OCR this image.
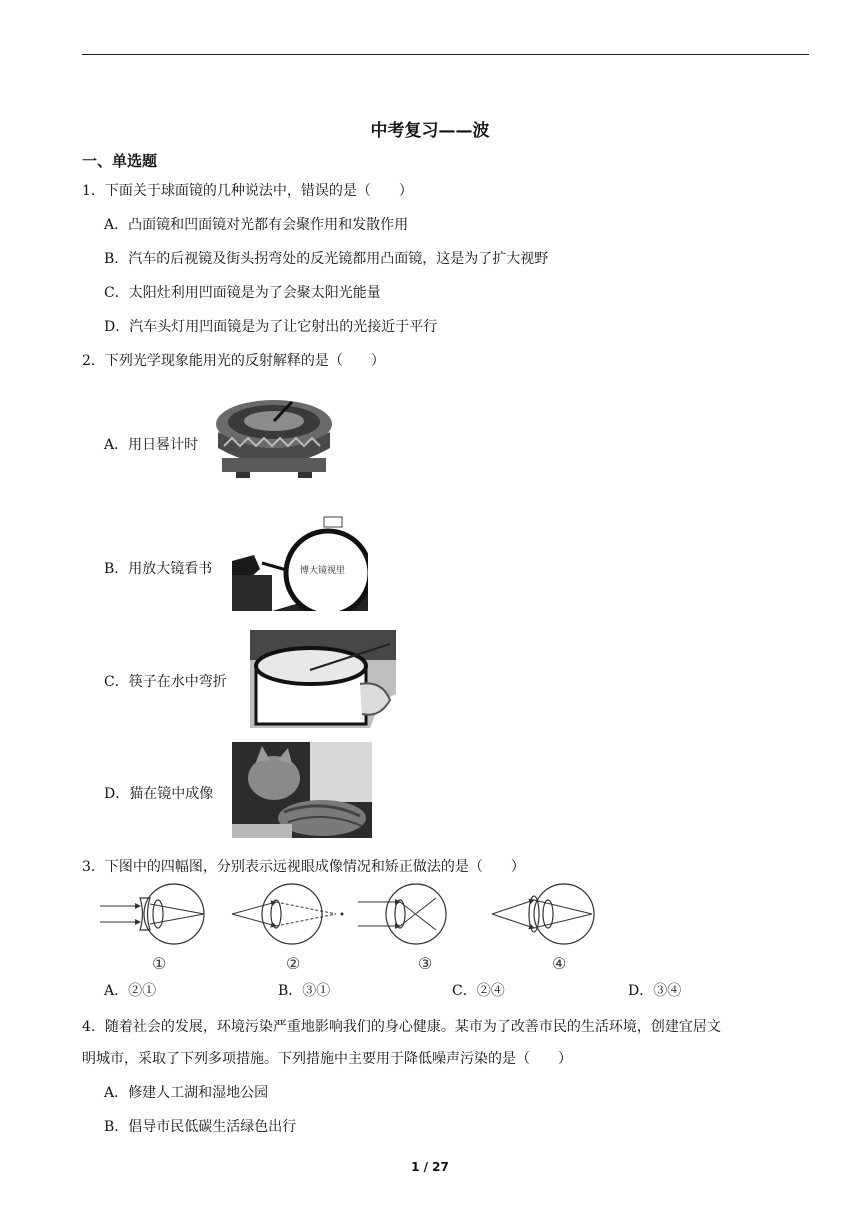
中考复习——波
一、单选题
1．下面关于球面镜的几种说法中，错误的是（　　）
A．凸面镜和凹面镜对光都有会聚作用和发散作用
B．汽车的后视镜及街头拐弯处的反光镜都用凸面镜，这是为了扩大视野
C．太阳灶利用凹面镜是为了会聚太阳光能量
D．汽车头灯用凹面镜是为了让它射出的光接近于平行
2．下列光学现象能用光的反射解释的是（　　）
A．用日晷计时
B．用放大镜看书	博大镜视里
C．筷子在水中弯折
D．猫在镜中成像
3．下图中的四幅图，分别表示远视眼成像情况和矫正做法的是（　　）
①	②	③	④
A．②①	B．③①	C．②④	D．③④
4．随着社会的发展，环境污染严重地影响我们的身心健康。某市为了改善市民的生活环境，创建宜居文
明城市，采取了下列多项措施。下列措施中主要用于降低噪声污染的是（　　）
A．修建人工湖和湿地公园
B．倡导市民低碳生活绿色出行
1 / 27
